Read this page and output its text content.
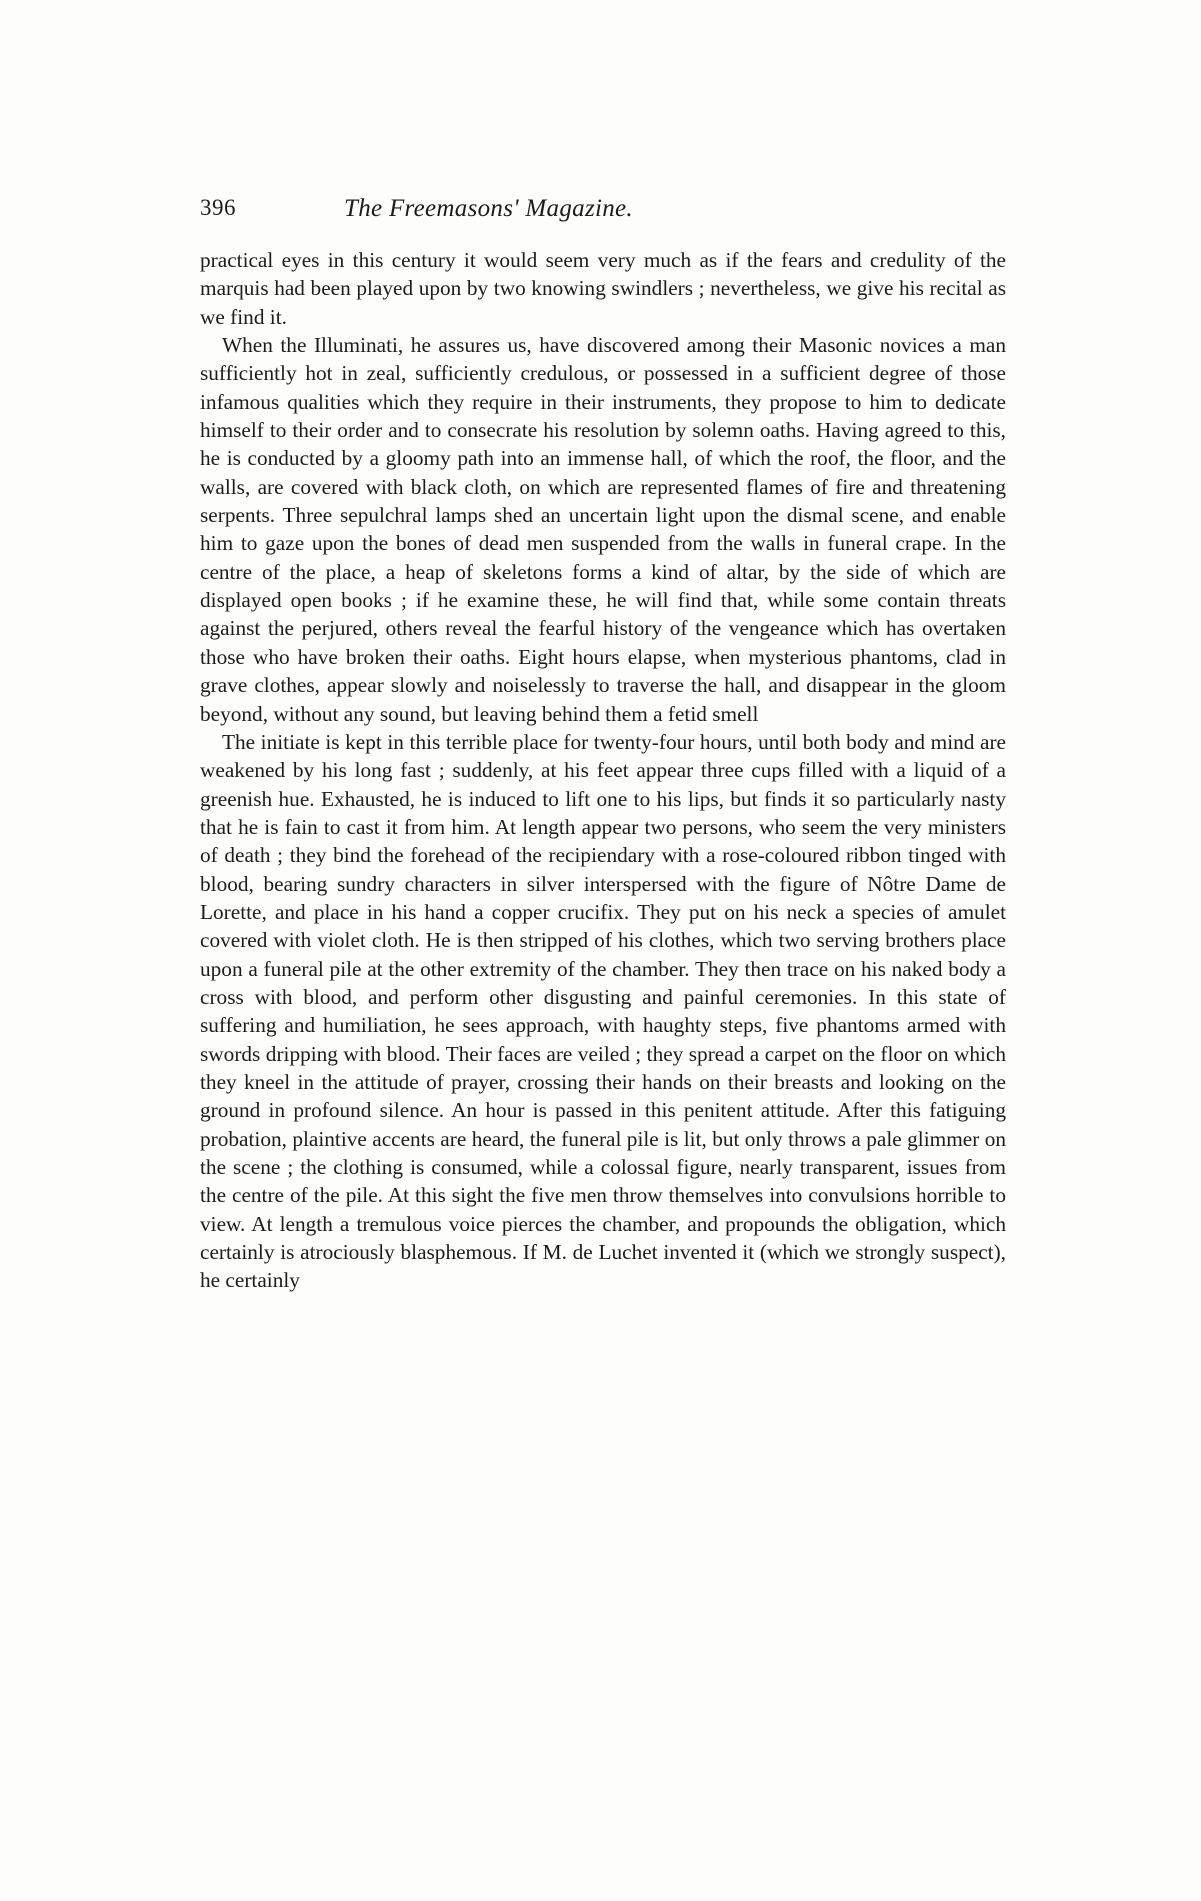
396	The Freemasons' Magazine.

practical eyes in this century it would seem very much as if the fears and credulity of the marquis had been played upon by two knowing swindlers ; nevertheless, we give his recital as we find it.

When the Illuminati, he assures us, have discovered among their Masonic novices a man sufficiently hot in zeal, sufficiently credulous, or possessed in a sufficient degree of those infamous qualities which they require in their instruments, they propose to him to dedicate himself to their order and to consecrate his resolution by solemn oaths. Having agreed to this, he is conducted by a gloomy path into an immense hall, of which the roof, the floor, and the walls, are covered with black cloth, on which are represented flames of fire and threatening serpents. Three sepulchral lamps shed an uncertain light upon the dismal scene, and enable him to gaze upon the bones of dead men suspended from the walls in funeral crape. In the centre of the place, a heap of skeletons forms a kind of altar, by the side of which are displayed open books ; if he examine these, he will find that, while some contain threats against the perjured, others reveal the fearful history of the vengeance which has overtaken those who have broken their oaths. Eight hours elapse, when mysterious phantoms, clad in grave clothes, appear slowly and noiselessly to traverse the hall, and disappear in the gloom beyond, without any sound, but leaving behind them a fetid smell

The initiate is kept in this terrible place for twenty-four hours, until both body and mind are weakened by his long fast ; suddenly, at his feet appear three cups filled with a liquid of a greenish hue. Exhausted, he is induced to lift one to his lips, but finds it so particularly nasty that he is fain to cast it from him. At length appear two persons, who seem the very ministers of death ; they bind the forehead of the recipiendary with a rose-coloured ribbon tinged with blood, bearing sundry characters in silver interspersed with the figure of Nôtre Dame de Lorette, and place in his hand a copper crucifix. They put on his neck a species of amulet covered with violet cloth. He is then stripped of his clothes, which two serving brothers place upon a funeral pile at the other extremity of the chamber. They then trace on his naked body a cross with blood, and perform other disgusting and painful ceremonies. In this state of suffering and humiliation, he sees approach, with haughty steps, five phantoms armed with swords dripping with blood. Their faces are veiled ; they spread a carpet on the floor on which they kneel in the attitude of prayer, crossing their hands on their breasts and looking on the ground in profound silence. An hour is passed in this penitent attitude. After this fatiguing probation, plaintive accents are heard, the funeral pile is lit, but only throws a pale glimmer on the scene ; the clothing is consumed, while a colossal figure, nearly transparent, issues from the centre of the pile. At this sight the five men throw themselves into convulsions horrible to view. At length a tremulous voice pierces the chamber, and propounds the obligation, which certainly is atrociously blasphemous. If M. de Luchet invented it (which we strongly suspect), he certainly
